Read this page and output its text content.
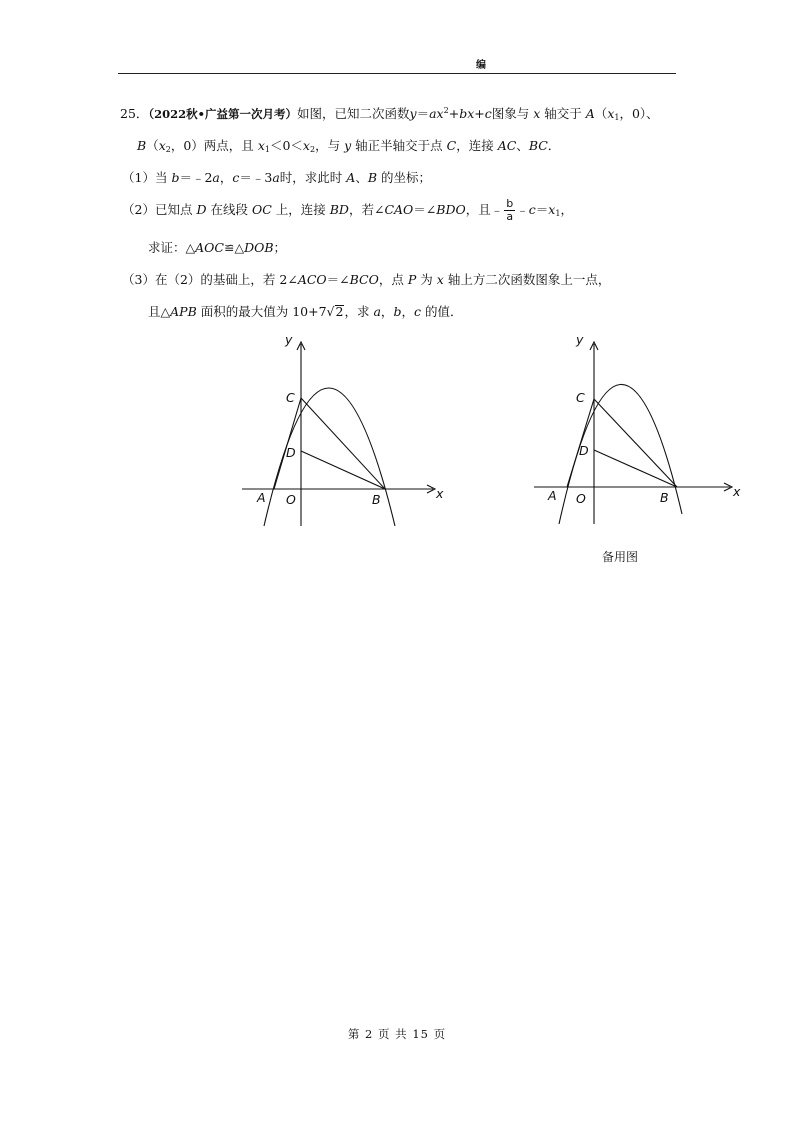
编
25．（2022秋•广益第一次月考）如图，已知二次函数$y=ax^2+bx+c$图象与 x 轴交于 $A(x_1$，0）、
$B(x_2$，0）两点，且 $x_1<0<x_2$，与 y 轴正半轴交于点 C，连接 AC、BC．
（1）当 b＝﹣2a，c＝﹣3a时，求此时 A、B 的坐标；
（2）已知点 D 在线段 OC 上，连接 BD，若∠CAO＝∠BDO，且﹣ $\frac{b}{a}$ $﹣c=x_1$，
求证：△AOC≌△DOB；
（3）在（2）的基础上，若 2∠ACO＝∠BCO，点 P 为 x 轴上方二次函数图象上一点，
且△APB 面积的最大值为 10+7√2，求 a，b，c 的值．
y
x
C
D
A O	B
y
x
C
D
A O	B
备用图
第 2 页 共 15 页
